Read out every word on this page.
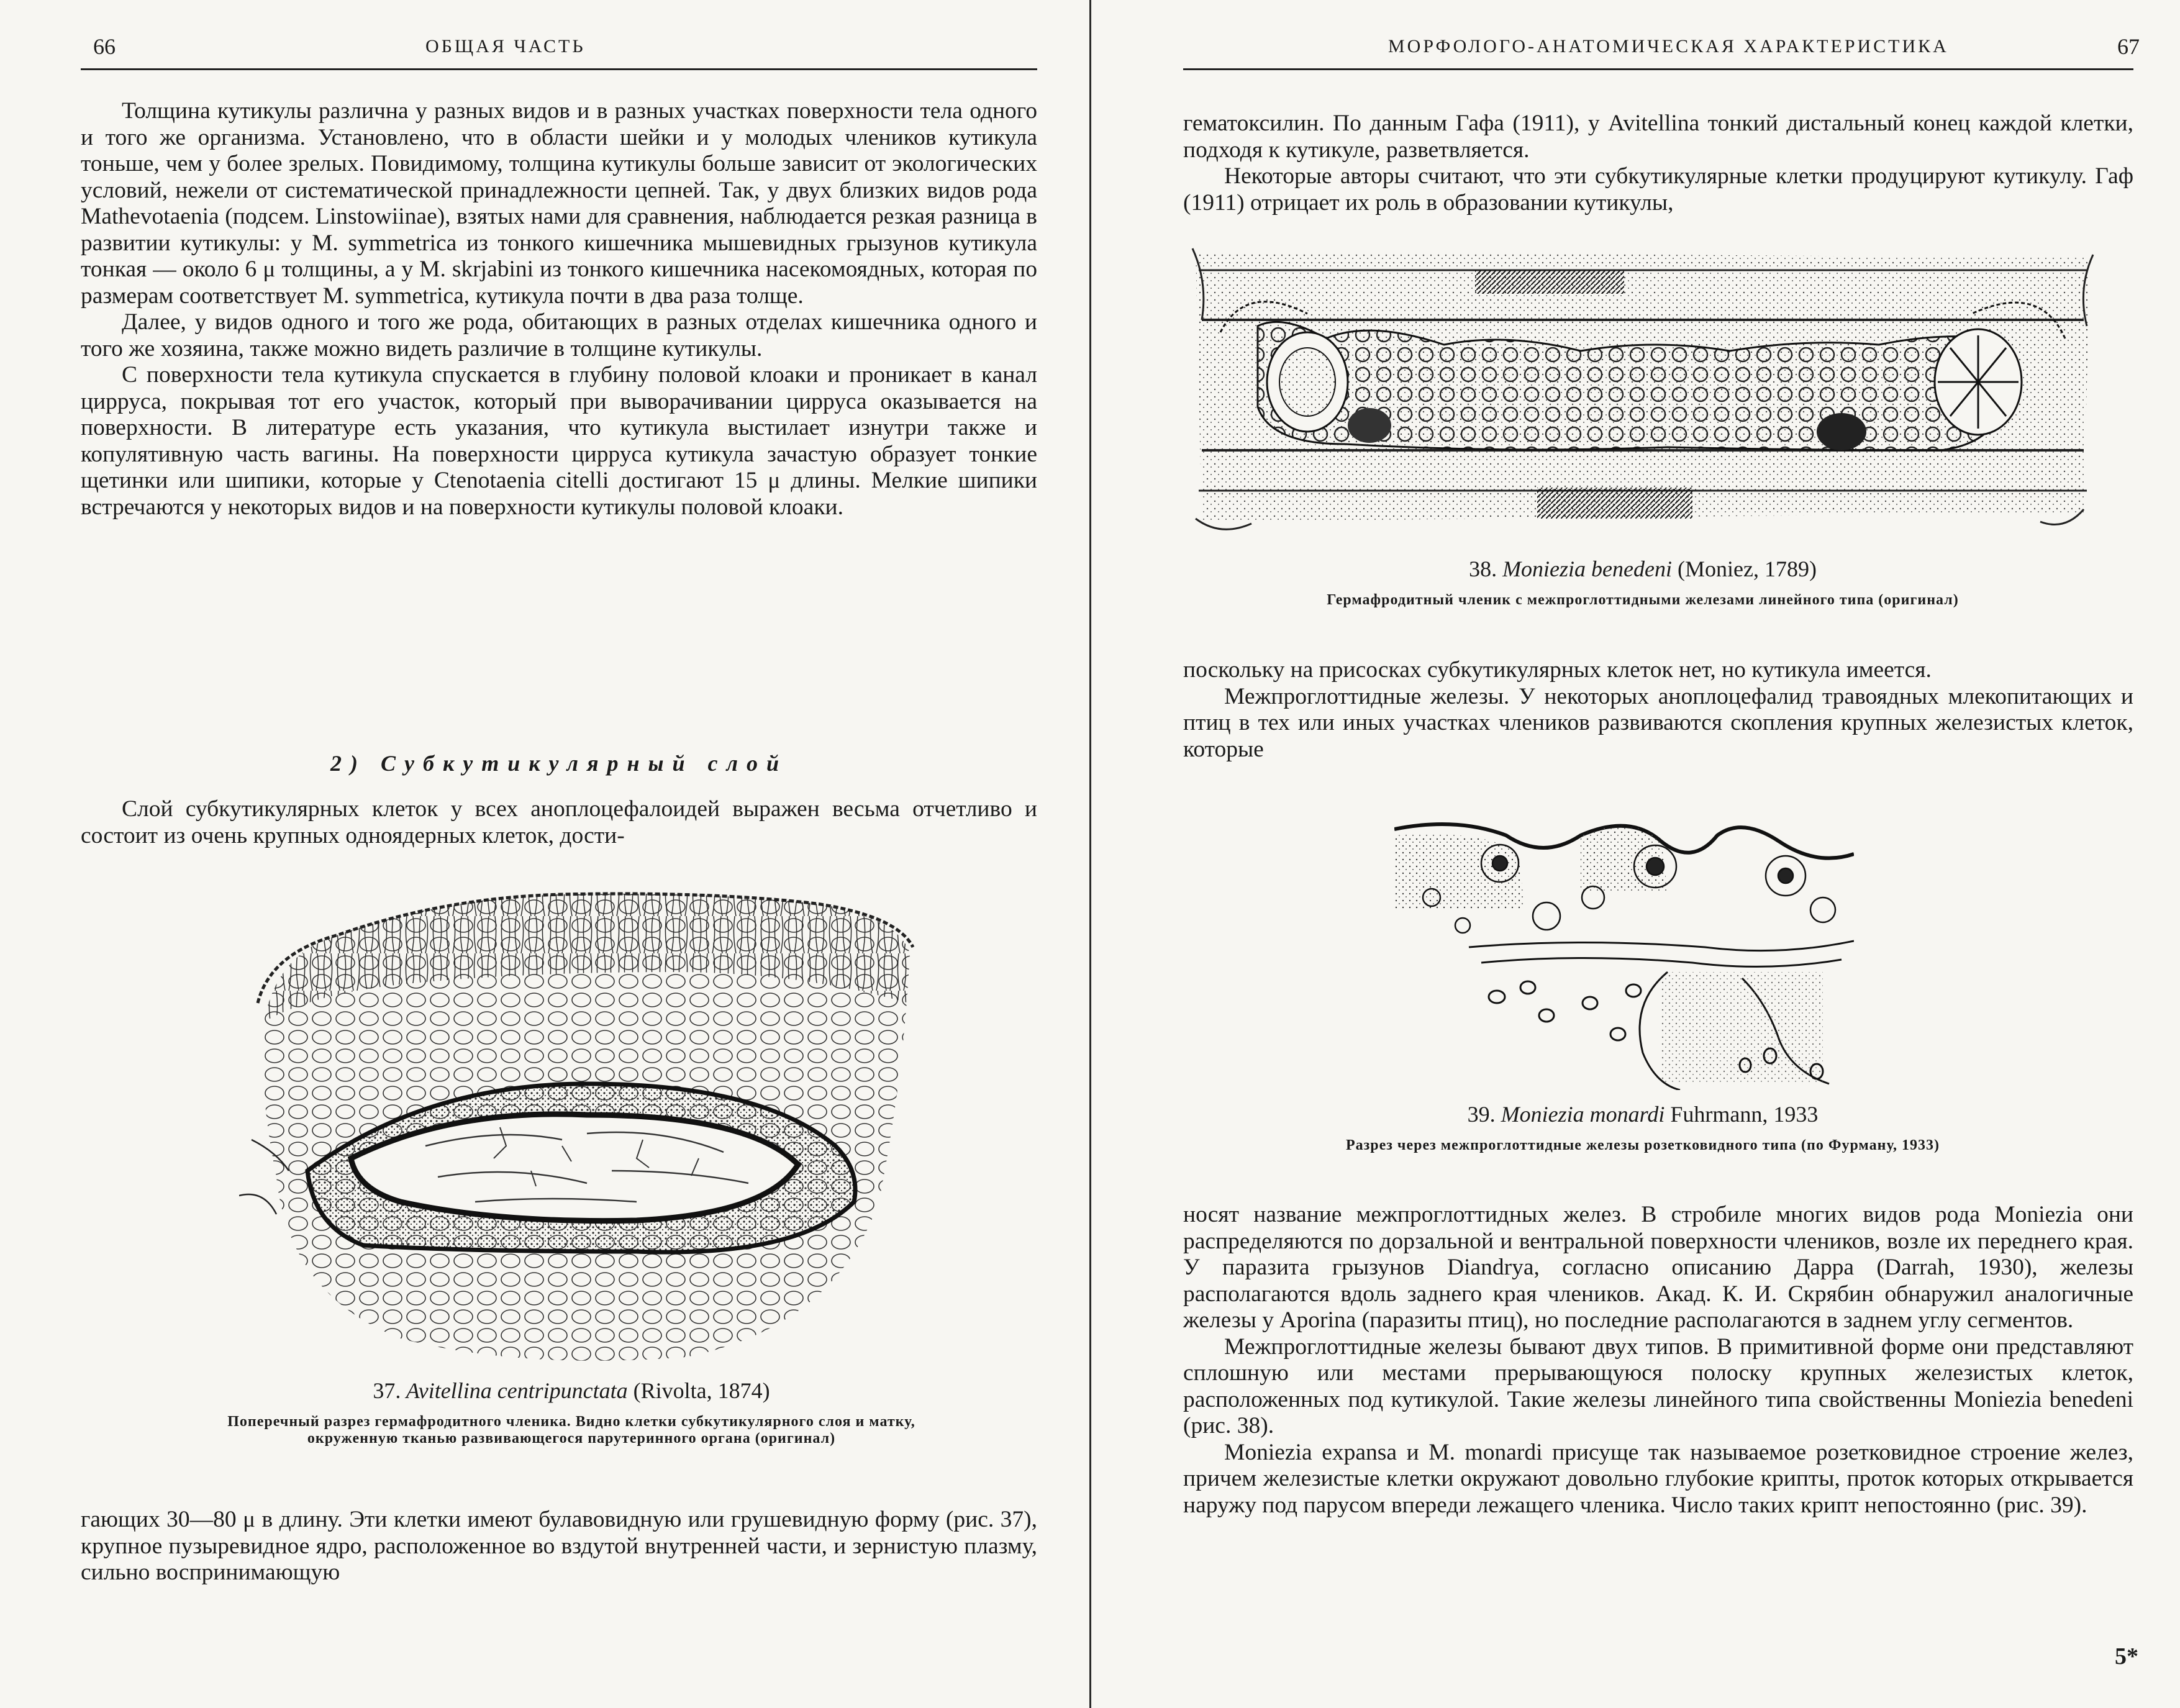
66	ОБЩАЯ ЧАСТЬ

Толщина кутикулы различна у разных видов и в разных участках поверхности тела одного и того же организма. Установлено, что в области шейки и у молодых члеников кутикула тоньше, чем у более зрелых. Повидимому, толщина кутикулы больше зависит от экологических условий, нежели от систематической принадлежности цепней. Так, у двух близких видов рода Mathevotaenia (подсем. Linstowiinae), взятых нами для сравнения, наблюдается резкая разница в развитии кутикулы: у M. symmetrica из тонкого кишечника мышевидных грызунов кутикула тонкая — около 6 μ толщины, а у M. skrjabini из тонкого кишечника насекомоядных, которая по размерам соответствует M. symmetrica, кутикула почти в два раза толще.

Далее, у видов одного и того же рода, обитающих в разных отделах кишечника одного и того же хозяина, также можно видеть различие в толщине кутикулы.

С поверхности тела кутикула спускается в глубину половой клоаки и проникает в канал цирруса, покрывая тот его участок, который при выворачивании цирруса оказывается на поверхности. В литературе есть указания, что кутикула выстилает изнутри также и копулятивную часть вагины. На поверхности цирруса кутикула зачастую образует тонкие щетинки или шипики, которые у Ctenotaenia citelli достигают 15 μ длины. Мелкие шипики встречаются у некоторых видов и на поверхности кутикулы половой клоаки.

2) Субкутикулярный слой

Слой субкутикулярных клеток у всех аноплоцефалоидей выражен весьма отчетливо и состоит из очень крупных одноядерных клеток, дости-

37. Avitellina centripunctata (Rivolta, 1874)
Поперечный разрез гермафродитного членика. Видно клетки субкутикулярного слоя и матку, окруженную тканью развивающегося парутеринного органа (оригинал)

гающих 30—80 μ в длину. Эти клетки имеют булавовидную или грушевидную форму (рис. 37), крупное пузыревидное ядро, расположенное во вздутой внутренней части, и зернистую плазму, сильно воспринимающую

МОРФОЛОГО-АНАТОМИЧЕСКАЯ ХАРАКТЕРИСТИКА	67

гематоксилин. По данным Гафа (1911), у Avitellina тонкий дистальный конец каждой клетки, подходя к кутикуле, разветвляется.

Некоторые авторы считают, что эти субкутикулярные клетки продуцируют кутикулу. Гаф (1911) отрицает их роль в образовании кутикулы,

38. Moniezia benedeni (Moniez, 1789)
Гермафродитный членик с межпроглоттидными железами линейного типа (оригинал)

поскольку на присосках субкутикулярных клеток нет, но кутикула имеется.

Межпроглоттидные железы. У некоторых аноплоцефалид травоядных млекопитающих и птиц в тех или иных участках члеников развиваются скопления крупных железистых клеток, которые

39. Moniezia monardi Fuhrmann, 1933
Разрез через межпроглоттидные железы розетковидного типа (по Фурману, 1933)

носят название межпроглоттидных желез. В стробиле многих видов рода Moniezia они распределяются по дорзальной и вентральной поверхности члеников, возле их переднего края. У паразита грызунов Diandrya, согласно описанию Дарра (Darrah, 1930), железы располагаются вдоль заднего края члеников. Акад. К. И. Скрябин обнаружил аналогичные железы у Aporina (паразиты птиц), но последние располагаются в заднем углу сегментов.

Межпроглоттидные железы бывают двух типов. В примитивной форме они представляют сплошную или местами прерывающуюся полоску крупных железистых клеток, расположенных под кутикулой. Такие железы линейного типа свойственны Moniezia benedeni (рис. 38).

Moniezia expansa и M. monardi присуще так называемое розетковидное строение желез, причем железистые клетки окружают довольно глубокие крипты, проток которых открывается наружу под парусом впереди лежащего членика. Число таких крипт непостоянно (рис. 39).

5*
